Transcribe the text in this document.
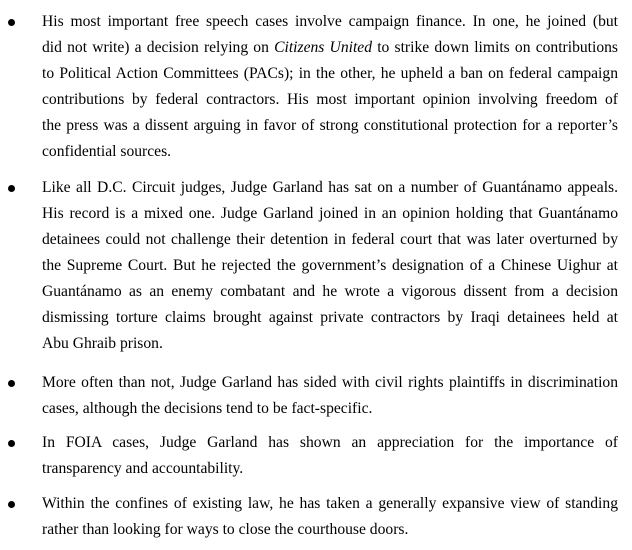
His most important free speech cases involve campaign finance. In one, he joined (but
did not write) a decision relying on Citizens United to strike down limits on contributions
to Political Action Committees (PACs); in the other, he upheld a ban on federal campaign
contributions by federal contractors. His most important opinion involving freedom of
the press was a dissent arguing in favor of strong constitutional protection for a reporter’s
confidential sources.
Like all D.C. Circuit judges, Judge Garland has sat on a number of Guantánamo appeals.
His record is a mixed one. Judge Garland joined in an opinion holding that Guantánamo
detainees could not challenge their detention in federal court that was later overturned by
the Supreme Court. But he rejected the government’s designation of a Chinese Uighur at
Guantánamo as an enemy combatant and he wrote a vigorous dissent from a decision
dismissing torture claims brought against private contractors by Iraqi detainees held at
Abu Ghraib prison.
More often than not, Judge Garland has sided with civil rights plaintiffs in discrimination
cases, although the decisions tend to be fact-specific.
In FOIA cases, Judge Garland has shown an appreciation for the importance of
transparency and accountability.
Within the confines of existing law, he has taken a generally expansive view of standing
rather than looking for ways to close the courthouse doors.
